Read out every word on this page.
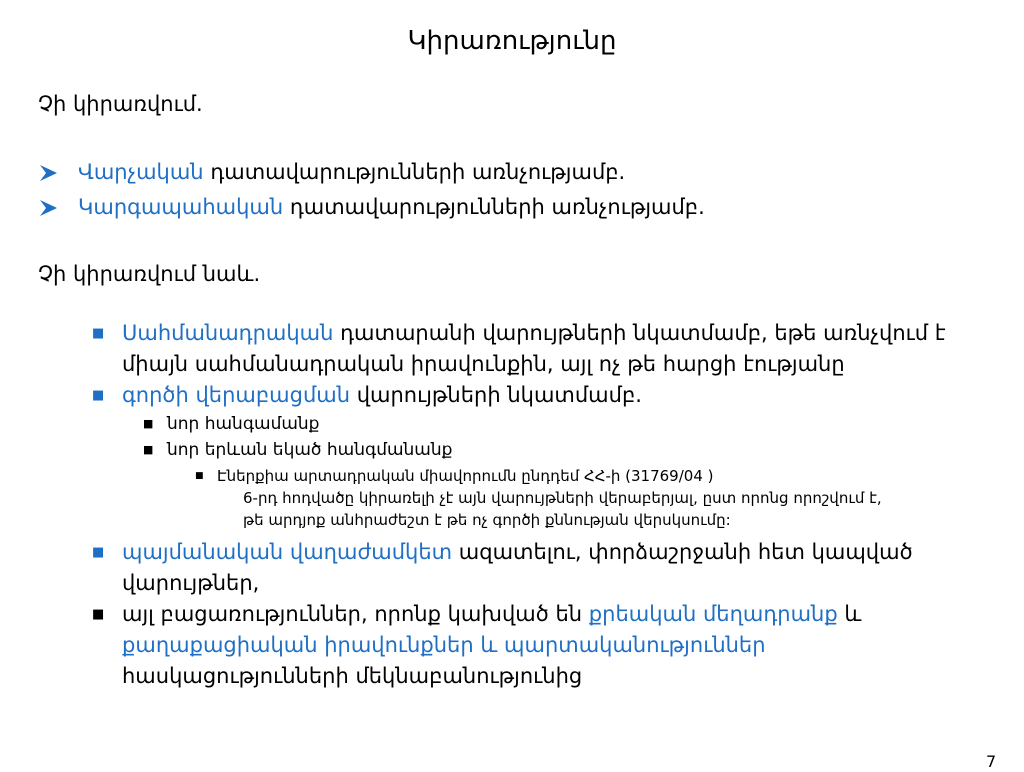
Կիրառությունը
Չի կիրառվում.
Վարչական դատավարությունների առնչությամբ.
Կարգապահական դատավարությունների առնչությամբ.
Չի կիրառվում նաև.
■ Սահմանադրական դատարանի վարույթների նկատմամբ, եթե առնչվում է միայն սահմանադրական իրավունքին, այլ ոչ թե հարցի էությանը
■ գործի վերաբացման վարույթների նկատմամբ.
■ նոր հանգամանք
■ նոր երևան եկած հանգմանանք
■ Էներքիա արտադրական միավորումն ընդդեմ ՀՀ-ի (31769/04 )
6-րդ հոդվածը կիրառելի չէ այն վարույթների վերաբերյալ, ըստ որոնց որոշվում է,
թե արդյոք անհրաժեշտ է թե ոչ գործի քննության վերսկսումը:
■ պայմանական վաղաժամկետ ազատելու, փորձաշրջանի հետ կապված վարույթներ,
■ այլ բացառություններ, որոնք կախված են քրեական մեղադրանք և քաղաքացիական իրավունքներ և պարտականություններ հասկացությունների մեկնաբանությունից
7
